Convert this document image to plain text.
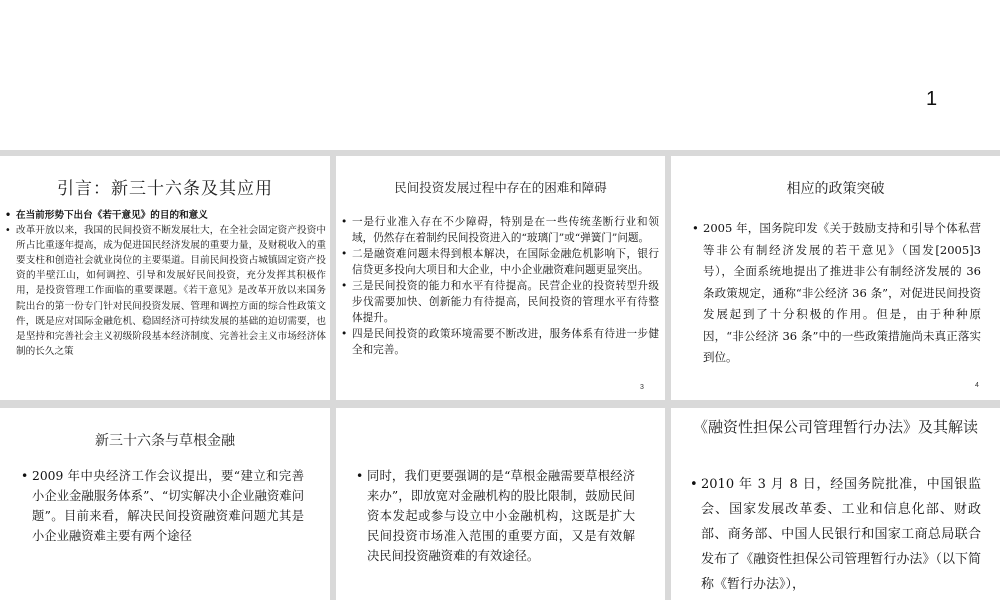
1
引言：新三十六条及其应用
• 在当前形势下出台《若干意见》的目的和意义
• 改革开放以来，我国的民间投资不断发展壮大，在全社会固定资产投资中所占比重逐年提高，成为促进国民经济发展的重要力量，及财税收入的重要支柱和创造社会就业岗位的主要渠道。目前民间投资占城镇固定资产投资的半壁江山，如何调控、引导和发展好民间投资，充分发挥其积极作用，是投资管理工作面临的重要课题。《若干意见》是改革开放以来国务院出台的第一份专门针对民间投资发展、管理和调控方面的综合性政策文件，既是应对国际金融危机、稳固经济可持续发展的基础的迫切需要，也是坚持和完善社会主义初级阶段基本经济制度、完善社会主义市场经济体制的长久之策
民间投资发展过程中存在的困难和障碍
• 一是行业准入存在不少障碍，特别是在一些传统垄断行业和领域，仍然存在着制约民间投资进入的“玻璃门”或“弹簧门”问题。
• 二是融资难问题未得到根本解决，在国际金融危机影响下，银行信贷更多投向大项目和大企业，中小企业融资难问题更显突出。
• 三是民间投资的能力和水平有待提高。民营企业的投资转型升级步伐需要加快、创新能力有待提高，民间投资的管理水平有待整体提升。
• 四是民间投资的政策环境需要不断改进，服务体系有待进一步健全和完善。
3
相应的政策突破
• 2005 年，国务院印发《关于鼓励支持和引导个体私营等非公有制经济发展的若干意见》（国发[2005]3 号），全面系统地提出了推进非公有制经济发展的 36 条政策规定，通称“非公经济 36 条”，对促进民间投资发展起到了十分积极的作用。但是，由于种种原因，“非公经济 36 条”中的一些政策措施尚未真正落实到位。
4
新三十六条与草根金融
• 2009 年中央经济工作会议提出，要“建立和完善小企业金融服务体系”、“切实解决小企业融资难问题”。目前来看，解决民间投资融资难问题尤其是小企业融资难主要有两个途径
• 同时，我们更要强调的是“草根金融需要草根经济来办”，即放宽对金融机构的股比限制，鼓励民间资本发起或参与设立中小金融机构，这既是扩大民间投资市场准入范围的重要方面，又是有效解决民间投资融资难的有效途径。
《融资性担保公司管理暂行办法》及其解读
• 2010 年 3 月 8 日，经国务院批准，中国银监会、国家发展改革委、工业和信息化部、财政部、商务部、中国人民银行和国家工商总局联合发布了《融资性担保公司管理暂行办法》（以下简称《暂行办法》），
